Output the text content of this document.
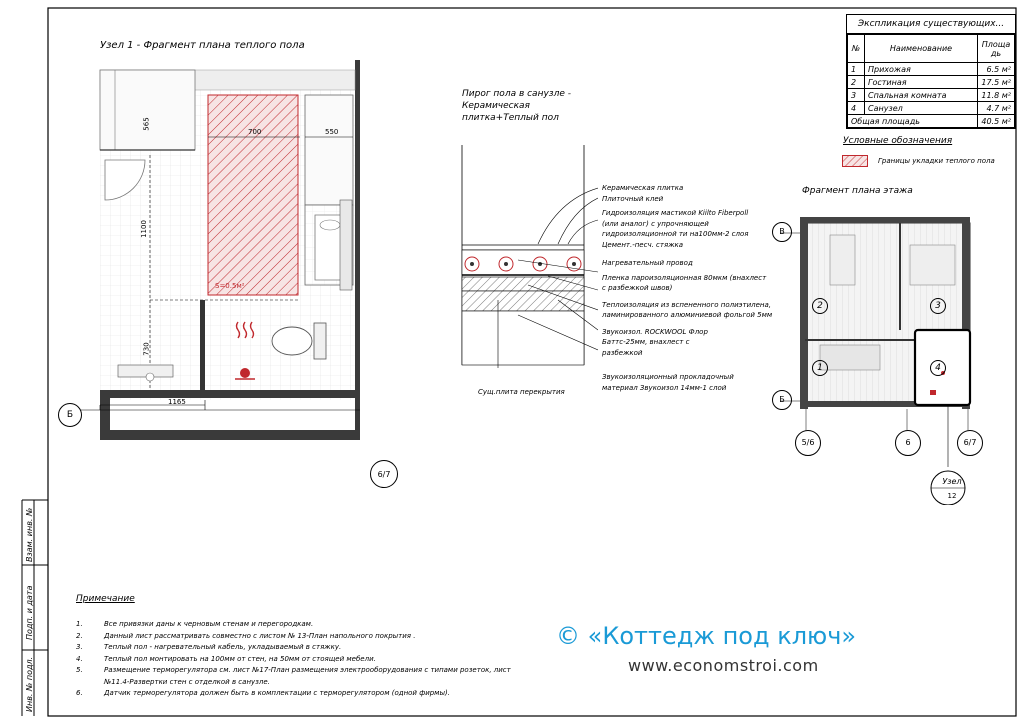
Взам. инв. №
Подп. и дата
Инв. № подл.
Узел 1 - Фрагмент плана теплого пола
565
700	550
1100
730
1165
S=0.5м²
Б
6/7
Пирог пола в санузле -
Керамическая
плитка+Теплый пол
Керамическая плитка
Плиточный клей
Гидроизоляция мастикой Kiilto Fiberpoll
(или аналог) с упрочняющей
гидроизоляционной ти на100мм-2 слоя
Цемент.-песч. стяжка
Нагревательный провод
Пленка пароизоляционная 80мкм (внахлест
с разбежкой швов)
Теплоизоляция из вспененного полиэтилена,
ламинированного алюминиевой фольгой 5мм
Звукоизол. ROCKWOOL Флор
Баттс-25мм, внахлест с
разбежкой
Звукоизоляционный прокладочный
материал Звукоизол 14мм-1 слой
Сущ.плита перекрытия
Экспликация существующих...
№	Наименование	Площадь
1	Прихожая	6.5 м²
2	Гостиная	17.5 м²
3	Спальная комната	11.8 м²
4	Санузел	4.7 м²
Общая площадь		40.5 м²
Условные обозначения
Границы укладки теплого пола
Фрагмент плана этажа
2	3
1	4
В
Б
5/6	6	6/7
Узел
12
Примечание
1.	Все привязки даны к черновым стенам и перегородкам.
2.	Данный лист рассматривать совместно с листом № 13-План напольного покрытия .
3.	Теплый пол - нагревательный кабель, укладываемый в стяжку.
4.	Теплый пол монтировать на 100мм от стен, на 50мм от стоящей мебели.
5.	Размещение терморегулятора см. лист №17-План размещения электрооборудования с типами розеток, лист
№11.4-Развертки стен с отделкой в санузле.
6.	Датчик терморегулятора должен быть в комплектации с терморегулятором (одной фирмы).
© «Коттедж под ключ»
www.economstroi.com
